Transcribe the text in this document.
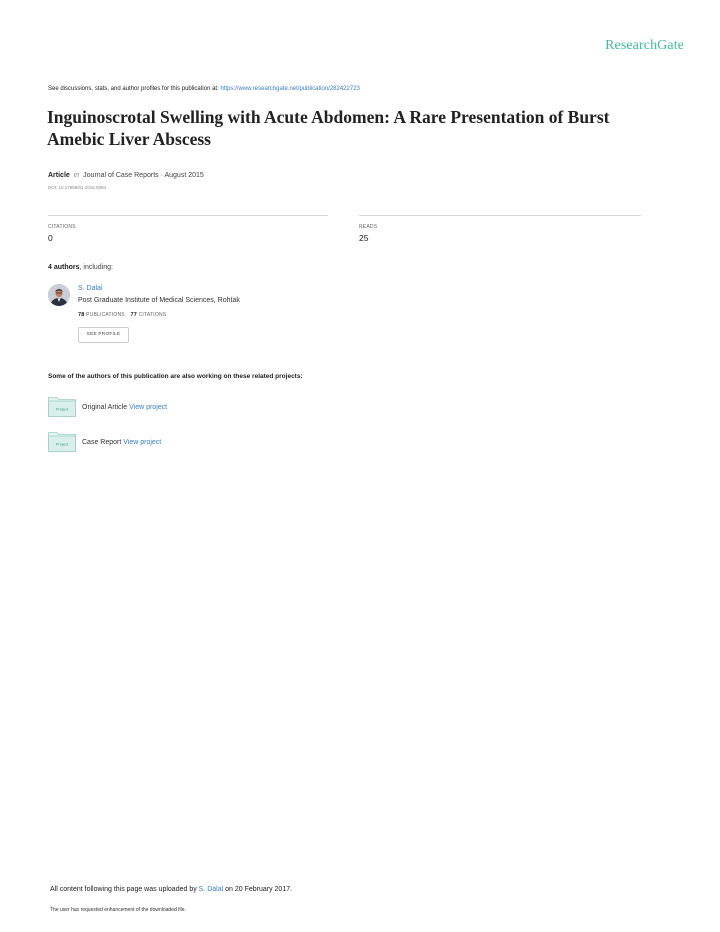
ResearchGate
See discussions, stats, and author profiles for this publication at: https://www.researchgate.net/publication/282422723
Inguinoscrotal Swelling with Acute Abdomen: A Rare Presentation of Burst Amebic Liver Abscess
Article in Journal of Case Reports · August 2015
DOI: 10.17659/01.2015.0094
CITATIONS
0
READS
25
4 authors, including:
S. Dalal
Post Graduate Institute of Medical Sciences, Rohtak
78 PUBLICATIONS 77 CITATIONS
SEE PROFILE
Some of the authors of this publication are also working on these related projects:
Project Original Article View project
Project Case Report View project
All content following this page was uploaded by S. Dalal on 20 February 2017.
The user has requested enhancement of the downloaded file.
